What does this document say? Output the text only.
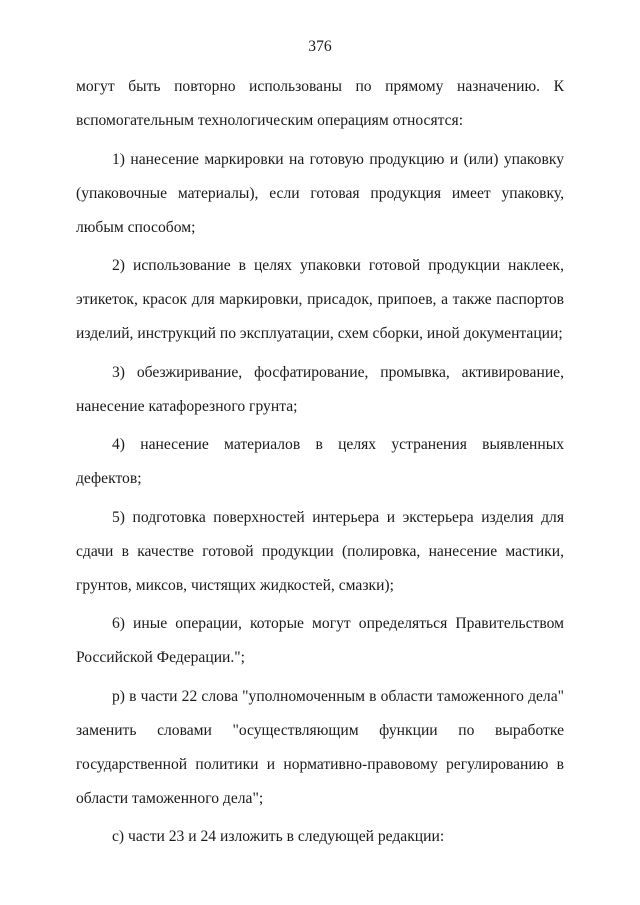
376

могут быть повторно использованы по прямому назначению. К вспомогательным технологическим операциям относятся:

1) нанесение маркировки на готовую продукцию и (или) упаковку (упаковочные материалы), если готовая продукция имеет упаковку, любым способом;

2) использование в целях упаковки готовой продукции наклеек, этикеток, красок для маркировки, присадок, припоев, а также паспортов изделий, инструкций по эксплуатации, схем сборки, иной документации;

3) обезжиривание, фосфатирование, промывка, активирование, нанесение катафорезного грунта;

4) нанесение материалов в целях устранения выявленных дефектов;

5) подготовка поверхностей интерьера и экстерьера изделия для сдачи в качестве готовой продукции (полировка, нанесение мастики, грунтов, миксов, чистящих жидкостей, смазки);

6) иные операции, которые могут определяться Правительством Российской Федерации.";

р) в части 22 слова "уполномоченным в области таможенного дела" заменить словами "осуществляющим функции по выработке государственной политики и нормативно-правовому регулированию в области таможенного дела";

с) части 23 и 24 изложить в следующей редакции:
